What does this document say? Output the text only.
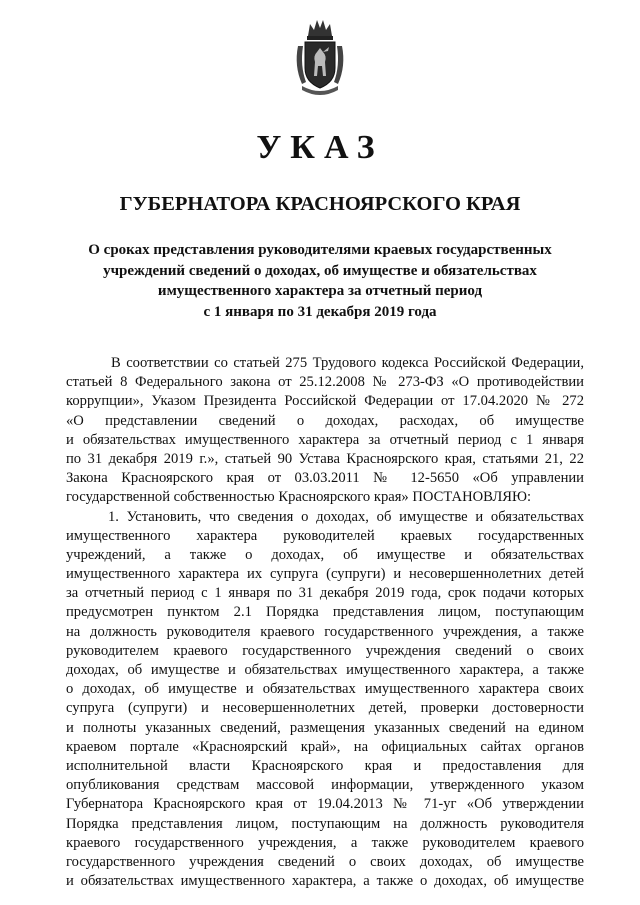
УКАЗ
ГУБЕРНАТОРА КРАСНОЯРСКОГО КРАЯ
О сроках представления руководителями краевых государственных
учреждений сведений о доходах, об имуществе и обязательствах
имущественного характера за отчетный период
с 1 января по 31 декабря 2019 года
В соответствии со статьей 275 Трудового кодекса Российской Федерации,
статьей 8 Федерального закона от 25.12.2008 № 273-ФЗ «О противодействии
коррупции», Указом Президента Российской Федерации от 17.04.2020 № 272
«О представлении сведений о доходах, расходах, об имуществе
и обязательствах имущественного характера за отчетный период с 1 января
по 31 декабря 2019 г.», статьей 90 Устава Красноярского края, статьями 21, 22
Закона Красноярского края от 03.03.2011 № 12-5650 «Об управлении
государственной собственностью Красноярского края» ПОСТАНОВЛЯЮ:
1. Установить, что сведения о доходах, об имуществе и обязательствах
имущественного характера руководителей краевых государственных
учреждений, а также о доходах, об имуществе и обязательствах
имущественного характера их супруга (супруги) и несовершеннолетних детей
за отчетный период с 1 января по 31 декабря 2019 года, срок подачи которых
предусмотрен пунктом 2.1 Порядка представления лицом, поступающим
на должность руководителя краевого государственного учреждения, а также
руководителем краевого государственного учреждения сведений о своих
доходах, об имуществе и обязательствах имущественного характера, а также
о доходах, об имуществе и обязательствах имущественного характера своих
супруга (супруги) и несовершеннолетних детей, проверки достоверности
и полноты указанных сведений, размещения указанных сведений на едином
краевом портале «Красноярский край», на официальных сайтах органов
исполнительной власти Красноярского края и предоставления для
опубликования средствам массовой информации, утвержденного указом
Губернатора Красноярского края от 19.04.2013 № 71-уг «Об утверждении
Порядка представления лицом, поступающим на должность руководителя
краевого государственного учреждения, а также руководителем краевого
государственного учреждения сведений о своих доходах, об имуществе
и обязательствах имущественного характера, а также о доходах, об имуществе
